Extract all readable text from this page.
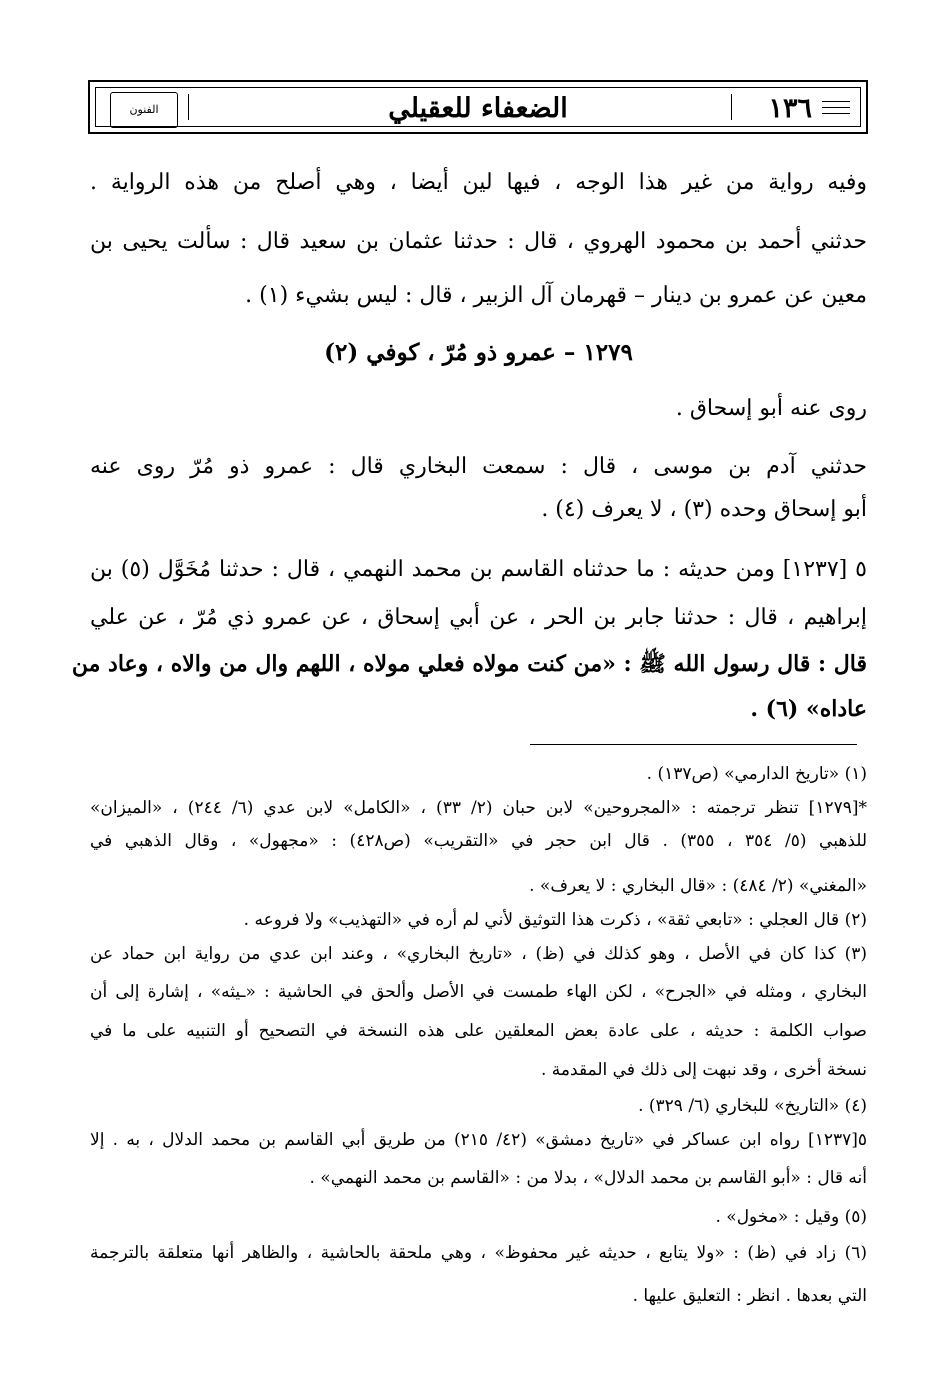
الفنون	الضعفاء للعقيلي	١٣٦
وفيه رواية من غير هذا الوجه ، فيها لين أيضا ، وهي أصلح من هذه الرواية .
حدثني أحمد بن محمود الهروي ، قال : حدثنا عثمان بن سعيد قال : سألت يحيى بن
معين عن عمرو بن دينار – قهرمان آل الزبير ، قال : ليس بشيء (١) .
١٢٧٩ – عمرو ذو مُرّ ، كوفي (٢)
روى عنه أبو إسحاق .
حدثني آدم بن موسى ، قال : سمعت البخاري قال : عمرو ذو مُرّ روى عنه
أبو إسحاق وحده (٣) ، لا يعرف (٤) .
٥ [١٢٣٧] ومن حديثه : ما حدثناه القاسم بن محمد النهمي ، قال : حدثنا مُخَوَّل (٥) بن
إبراهيم ، قال : حدثنا جابر بن الحر ، عن أبي إسحاق ، عن عمرو ذي مُرّ ، عن علي
قال : قال رسول الله ﷺ : «من كنت مولاه فعلي مولاه ، اللهم وال من والاه ، وعاد من
عاداه» (٦) .
(١) «تاريخ الدارمي» (ص١٣٧) .
*[١٢٧٩] تنظر ترجمته : «المجروحين» لابن حبان (٢/ ٣٣) ، «الكامل» لابن عدي (٦/ ٢٤٤) ، «الميزان»
للذهبي (٥/ ٣٥٤ ، ٣٥٥) . قال ابن حجر في «التقريب» (ص٤٢٨) : «مجهول» ، وقال الذهبي في
«المغني» (٢/ ٤٨٤) : «قال البخاري : لا يعرف» .
(٢) قال العجلي : «تابعي ثقة» ، ذكرت هذا التوثيق لأني لم أره في «التهذيب» ولا فروعه .
(٣) كذا كان في الأصل ، وهو كذلك في (ظ) ، «تاريخ البخاري» ، وعند ابن عدي من رواية ابن حماد عن
البخاري ، ومثله في «الجرح» ، لكن الهاء طمست في الأصل وألحق في الحاشية : «ـيثه» ، إشارة إلى أن
صواب الكلمة : حديثه ، على عادة بعض المعلقين على هذه النسخة في التصحيح أو التنبيه على ما في
نسخة أخرى ، وقد نبهت إلى ذلك في المقدمة .
(٤) «التاريخ» للبخاري (٦/ ٣٢٩) .
٥[١٢٣٧] رواه ابن عساكر في «تاريخ دمشق» (٤٢/ ٢١٥) من طريق أبي القاسم بن محمد الدلال ، به . إلا
أنه قال : «أبو القاسم بن محمد الدلال» ، بدلا من : «القاسم بن محمد النهمي» .
(٥) وقيل : «مخول» .
(٦) زاد في (ظ) : «ولا يتابع ، حديثه غير محفوظ» ، وهي ملحقة بالحاشية ، والظاهر أنها متعلقة بالترجمة
التي بعدها . انظر : التعليق عليها .
